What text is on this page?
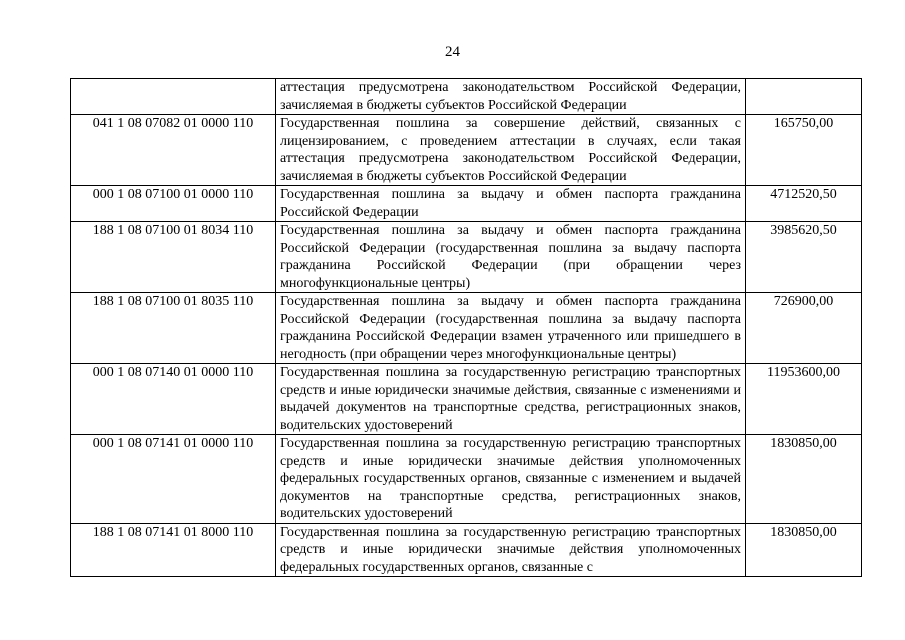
24
	аттестация предусмотрена законодательством Российской Федерации, зачисляемая в бюджеты субъектов Российской Федерации	
041 1 08 07082 01 0000 110	Государственная пошлина за совершение действий, связанных с лицензированием, с проведением аттестации в случаях, если такая аттестация предусмотрена законодательством Российской Федерации, зачисляемая в бюджеты субъектов Российской Федерации	165750,00
000 1 08 07100 01 0000 110	Государственная пошлина за выдачу и обмен паспорта гражданина Российской Федерации	4712520,50
188 1 08 07100 01 8034 110	Государственная пошлина за выдачу и обмен паспорта гражданина Российской Федерации (государственная пошлина за выдачу паспорта гражданина Российской Федерации (при обращении через многофункциональные центры)	3985620,50
188 1 08 07100 01 8035 110	Государственная пошлина за выдачу и обмен паспорта гражданина Российской Федерации (государственная пошлина за выдачу паспорта гражданина Российской Федерации взамен утраченного или пришедшего в негодность (при обращении через многофункциональные центры)	726900,00
000 1 08 07140 01 0000 110	Государственная пошлина за государственную регистрацию транспортных средств и иные юридически значимые действия, связанные с изменениями и выдачей документов на транспортные средства, регистрационных знаков, водительских удостоверений	11953600,00
000 1 08 07141 01 0000 110	Государственная пошлина за государственную регистрацию транспортных средств и иные юридически значимые действия уполномоченных федеральных государственных органов, связанные с изменением и выдачей документов на транспортные средства, регистрационных знаков, водительских удостоверений	1830850,00
188 1 08 07141 01 8000 110	Государственная пошлина за государственную регистрацию транспортных средств и иные юридически значимые действия уполномоченных федеральных государственных органов, связанные с	1830850,00
